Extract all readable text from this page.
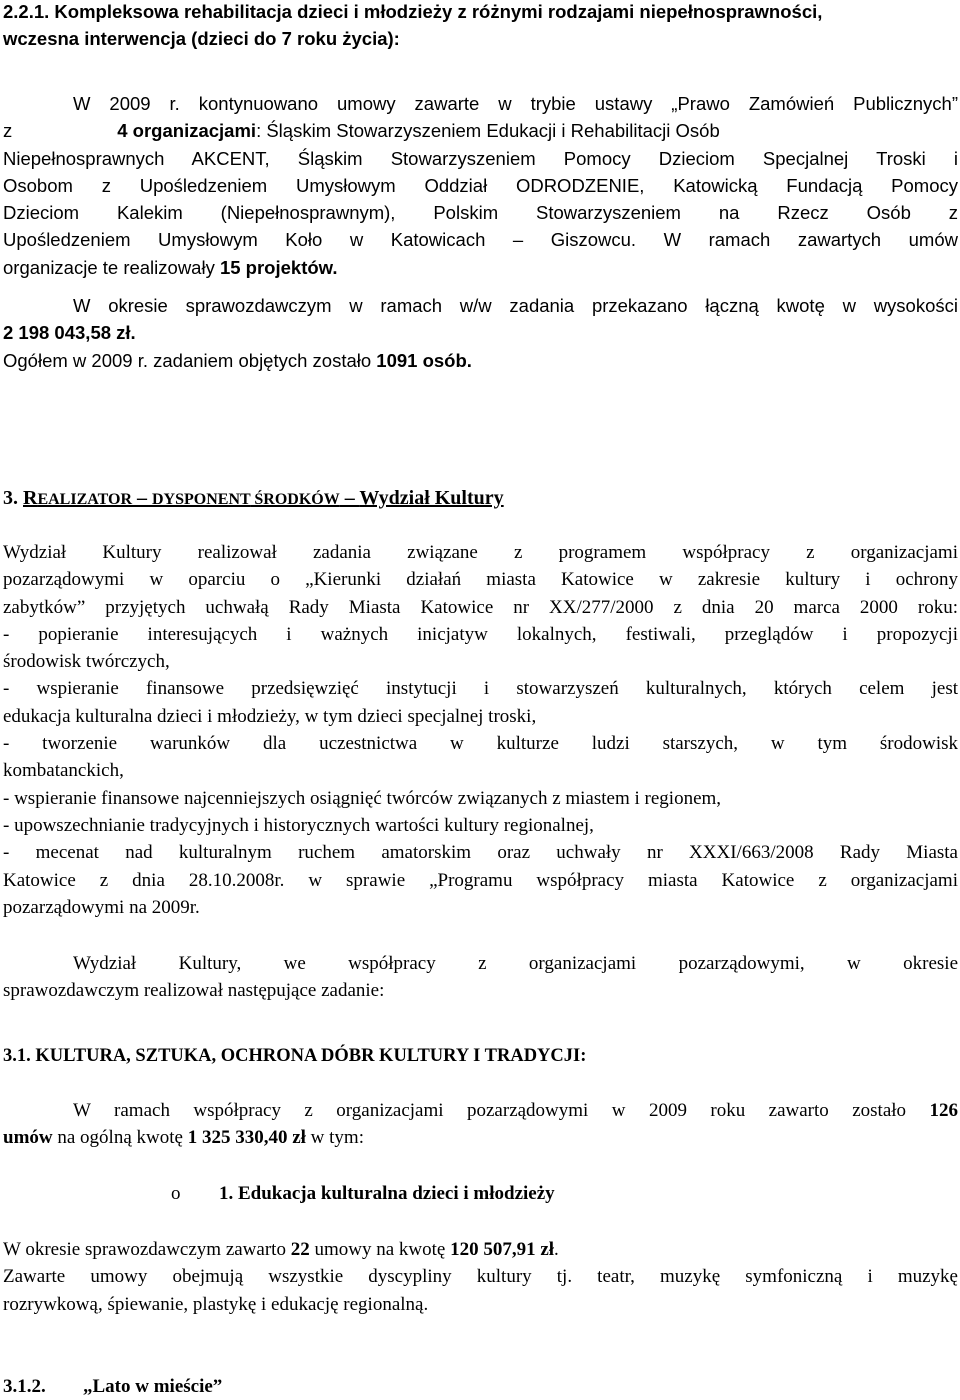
2.2.1. Kompleksowa rehabilitacja dzieci i młodzieży z różnymi rodzajami niepełnosprawności,
wczesna interwencja (dzieci do 7 roku życia):
W 2009 r. kontynuowano umowy zawarte w trybie ustawy „Prawo Zamówień Publicznych”
z	4 organizacjami: Śląskim Stowarzyszeniem Edukacji i Rehabilitacji Osób
Niepełnosprawnych AKCENT, Śląskim Stowarzyszeniem Pomocy Dzieciom Specjalnej Troski i
Osobom z Upośledzeniem Umysłowym Oddział ODRODZENIE, Katowicką Fundacją Pomocy
Dzieciom Kalekim (Niepełnosprawnym), Polskim Stowarzyszeniem na Rzecz Osób z
Upośledzeniem Umysłowym Koło w Katowicach – Giszowcu. W ramach zawartych umów
organizacje te realizowały 15 projektów.
W okresie sprawozdawczym w ramach w/w zadania przekazano łączną kwotę w wysokości
2 198 043,58 zł.
Ogółem w 2009 r. zadaniem objętych zostało 1091 osób.
3. REALIZATOR – DYSPONENT ŚRODKÓW – Wydział Kultury
Wydział Kultury realizował zadania związane z programem współpracy z organizacjami
pozarządowymi w oparciu o „Kierunki działań miasta Katowice w zakresie kultury i ochrony
zabytków” przyjętych uchwałą Rady Miasta Katowice nr XX/277/2000 z dnia 20 marca 2000 roku:
- popieranie interesujących i ważnych inicjatyw lokalnych, festiwali, przeglądów i propozycji
środowisk twórczych,
- wspieranie finansowe przedsięwzięć instytucji i stowarzyszeń kulturalnych, których celem jest
edukacja kulturalna dzieci i młodzieży, w tym dzieci specjalnej troski,
- tworzenie warunków dla uczestnictwa w kulturze ludzi starszych, w tym środowisk
kombatanckich,
- wspieranie finansowe najcenniejszych osiągnięć twórców związanych z miastem i regionem,
- upowszechnianie tradycyjnych i historycznych wartości kultury regionalnej,
- mecenat nad kulturalnym ruchem amatorskim oraz uchwały nr XXXI/663/2008 Rady Miasta
Katowice z dnia 28.10.2008r. w sprawie „Programu współpracy miasta Katowice z organizacjami
pozarządowymi na 2009r.
Wydział Kultury, we współpracy z organizacjami pozarządowymi, w okresie
sprawozdawczym realizował następujące zadanie:
3.1. KULTURA, SZTUKA, OCHRONA DÓBR KULTURY I TRADYCJI:
W ramach współpracy z organizacjami pozarządowymi w 2009 roku zawarto zostało 126
umów na ogólną kwotę 1 325 330,40 zł w tym:
o 1. Edukacja kulturalna dzieci i młodzieży
W okresie sprawozdawczym zawarto 22 umowy na kwotę 120 507,91 zł.
Zawarte umowy obejmują wszystkie dyscypliny kultury tj. teatr, muzykę symfoniczną i muzykę
rozrywkową, śpiewanie, plastykę i edukację regionalną.
3.1.2.„Lato w mieście”
